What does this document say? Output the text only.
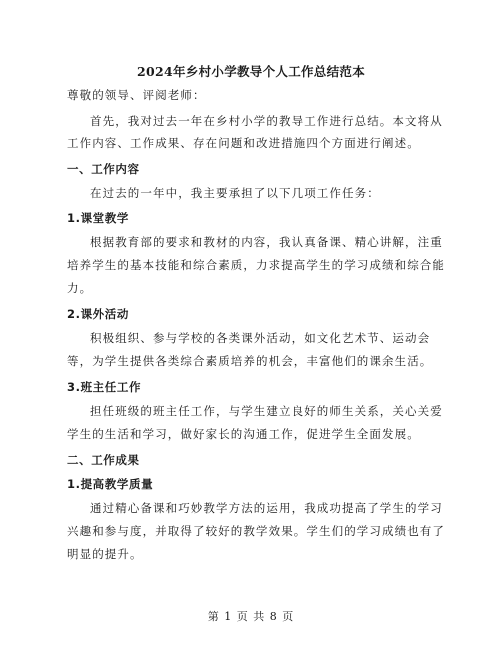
2024年乡村小学教导个人工作总结范本
尊敬的领导、评阅老师：
首先，我对过去一年在乡村小学的教导工作进行总结。本文将从
工作内容、工作成果、存在问题和改进措施四个方面进行阐述。
一、工作内容
在过去的一年中，我主要承担了以下几项工作任务：
1.课堂教学
根据教育部的要求和教材的内容，我认真备课、精心讲解，注重
培养学生的基本技能和综合素质，力求提高学生的学习成绩和综合能
力。
2.课外活动
积极组织、参与学校的各类课外活动，如文化艺术节、运动会
等，为学生提供各类综合素质培养的机会，丰富他们的课余生活。
3.班主任工作
担任班级的班主任工作，与学生建立良好的师生关系，关心关爱
学生的生活和学习，做好家长的沟通工作，促进学生全面发展。
二、工作成果
1.提高教学质量
通过精心备课和巧妙教学方法的运用，我成功提高了学生的学习
兴趣和参与度，并取得了较好的教学效果。学生们的学习成绩也有了
明显的提升。
第 1 页 共 8 页
